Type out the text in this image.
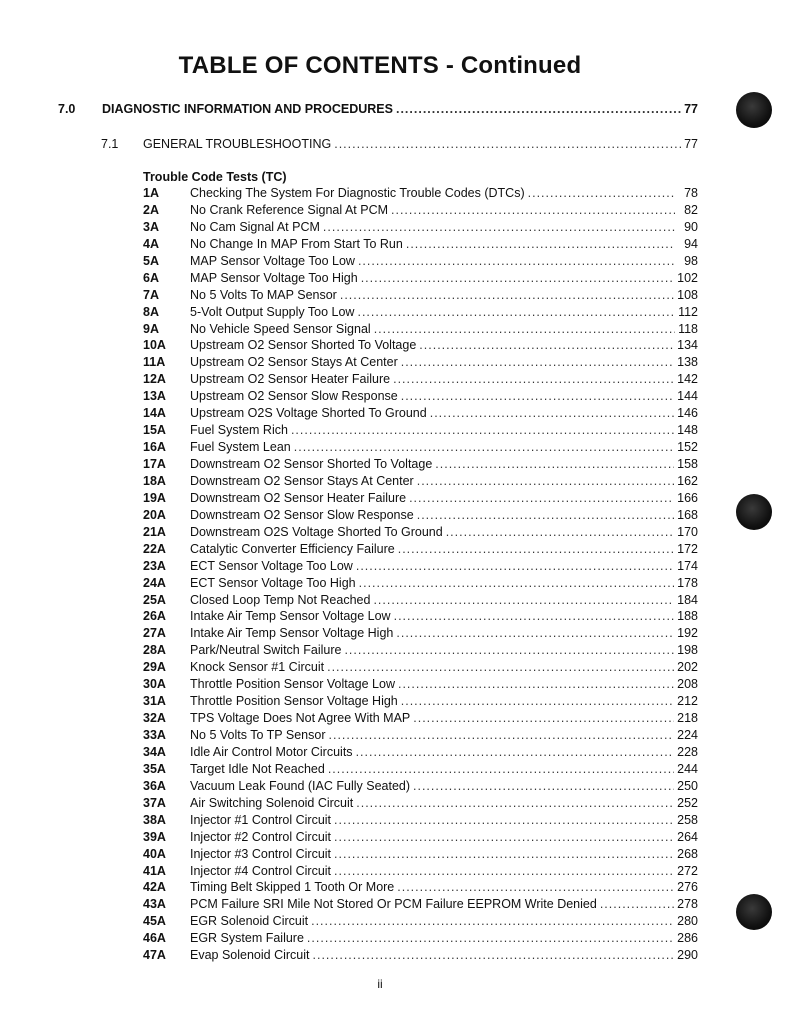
TABLE OF CONTENTS - Continued
7.0	DIAGNOSTIC INFORMATION AND PROCEDURES .....	77
7.1	GENERAL TROUBLESHOOTING .....	77
Trouble Code Tests (TC)
1A	Checking The System For Diagnostic Trouble Codes (DTCs) .....	78
2A	No Crank Reference Signal At PCM .....	82
3A	No Cam Signal At PCM .....	90
4A	No Change In MAP From Start To Run .....	94
5A	MAP Sensor Voltage Too Low .....	98
6A	MAP Sensor Voltage Too High .....	102
7A	No 5 Volts To MAP Sensor .....	108
8A	5-Volt Output Supply Too Low .....	112
9A	No Vehicle Speed Sensor Signal .....	118
10A	Upstream O2 Sensor Shorted To Voltage .....	134
11A	Upstream O2 Sensor Stays At Center .....	138
12A	Upstream O2 Sensor Heater Failure .....	142
13A	Upstream O2 Sensor Slow Response .....	144
14A	Upstream O2S Voltage Shorted To Ground .....	146
15A	Fuel System Rich .....	148
16A	Fuel System Lean .....	152
17A	Downstream O2 Sensor Shorted To Voltage .....	158
18A	Downstream O2 Sensor Stays At Center .....	162
19A	Downstream O2 Sensor Heater Failure .....	166
20A	Downstream O2 Sensor Slow Response .....	168
21A	Downstream O2S Voltage Shorted To Ground .....	170
22A	Catalytic Converter Efficiency Failure .....	172
23A	ECT Sensor Voltage Too Low .....	174
24A	ECT Sensor Voltage Too High .....	178
25A	Closed Loop Temp Not Reached .....	184
26A	Intake Air Temp Sensor Voltage Low .....	188
27A	Intake Air Temp Sensor Voltage High .....	192
28A	Park/Neutral Switch Failure .....	198
29A	Knock Sensor #1 Circuit .....	202
30A	Throttle Position Sensor Voltage Low .....	208
31A	Throttle Position Sensor Voltage High .....	212
32A	TPS Voltage Does Not Agree With MAP .....	218
33A	No 5 Volts To TP Sensor .....	224
34A	Idle Air Control Motor Circuits .....	228
35A	Target Idle Not Reached .....	244
36A	Vacuum Leak Found (IAC Fully Seated) .....	250
37A	Air Switching Solenoid Circuit .....	252
38A	Injector #1 Control Circuit .....	258
39A	Injector #2 Control Circuit .....	264
40A	Injector #3 Control Circuit .....	268
41A	Injector #4 Control Circuit .....	272
42A	Timing Belt Skipped 1 Tooth Or More .....	276
43A	PCM Failure SRI Mile Not Stored Or PCM Failure EEPROM Write Denied .....	278
45A	EGR Solenoid Circuit .....	280
46A	EGR System Failure .....	286
47A	Evap Solenoid Circuit .....	290
ii
